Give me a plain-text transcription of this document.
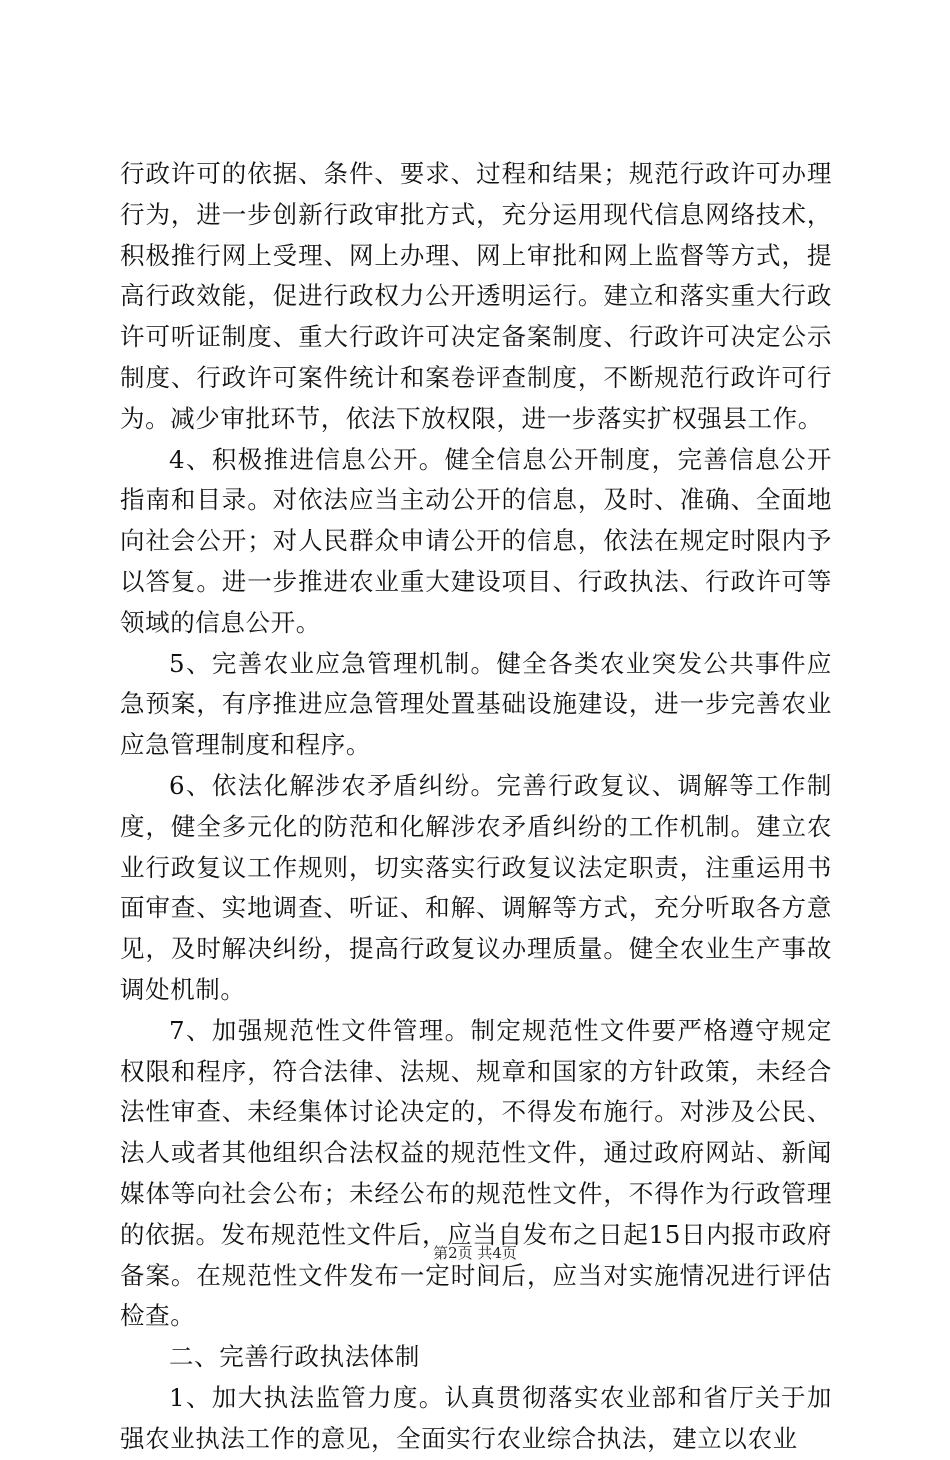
行政许可的依据、条件、要求、过程和结果；规范行政许可办理行为，进一步创新行政审批方式，充分运用现代信息网络技术，积极推行网上受理、网上办理、网上审批和网上监督等方式，提高行政效能，促进行政权力公开透明运行。建立和落实重大行政许可听证制度、重大行政许可决定备案制度、行政许可决定公示制度、行政许可案件统计和案卷评查制度，不断规范行政许可行为。减少审批环节，依法下放权限，进一步落实扩权强县工作。

4、积极推进信息公开。健全信息公开制度，完善信息公开指南和目录。对依法应当主动公开的信息，及时、准确、全面地向社会公开；对人民群众申请公开的信息，依法在规定时限内予以答复。进一步推进农业重大建设项目、行政执法、行政许可等领域的信息公开。

5、完善农业应急管理机制。健全各类农业突发公共事件应急预案，有序推进应急管理处置基础设施建设，进一步完善农业应急管理制度和程序。

6、依法化解涉农矛盾纠纷。完善行政复议、调解等工作制度，健全多元化的防范和化解涉农矛盾纠纷的工作机制。建立农业行政复议工作规则，切实落实行政复议法定职责，注重运用书面审查、实地调查、听证、和解、调解等方式，充分听取各方意见，及时解决纠纷，提高行政复议办理质量。健全农业生产事故调处机制。

7、加强规范性文件管理。制定规范性文件要严格遵守规定权限和程序，符合法律、法规、规章和国家的方针政策，未经合法性审查、未经集体讨论决定的，不得发布施行。对涉及公民、法人或者其他组织合法权益的规范性文件，通过政府网站、新闻媒体等向社会公布；未经公布的规范性文件，不得作为行政管理的依据。发布规范性文件后，应当自发布之日起15日内报市政府备案。在规范性文件发布一定时间后，应当对实施情况进行评估检查。

二、完善行政执法体制

1、加大执法监管力度。认真贯彻落实农业部和省厅关于加强农业执法工作的意见，全面实行农业综合执法，建立以农业

第2页 共4页
